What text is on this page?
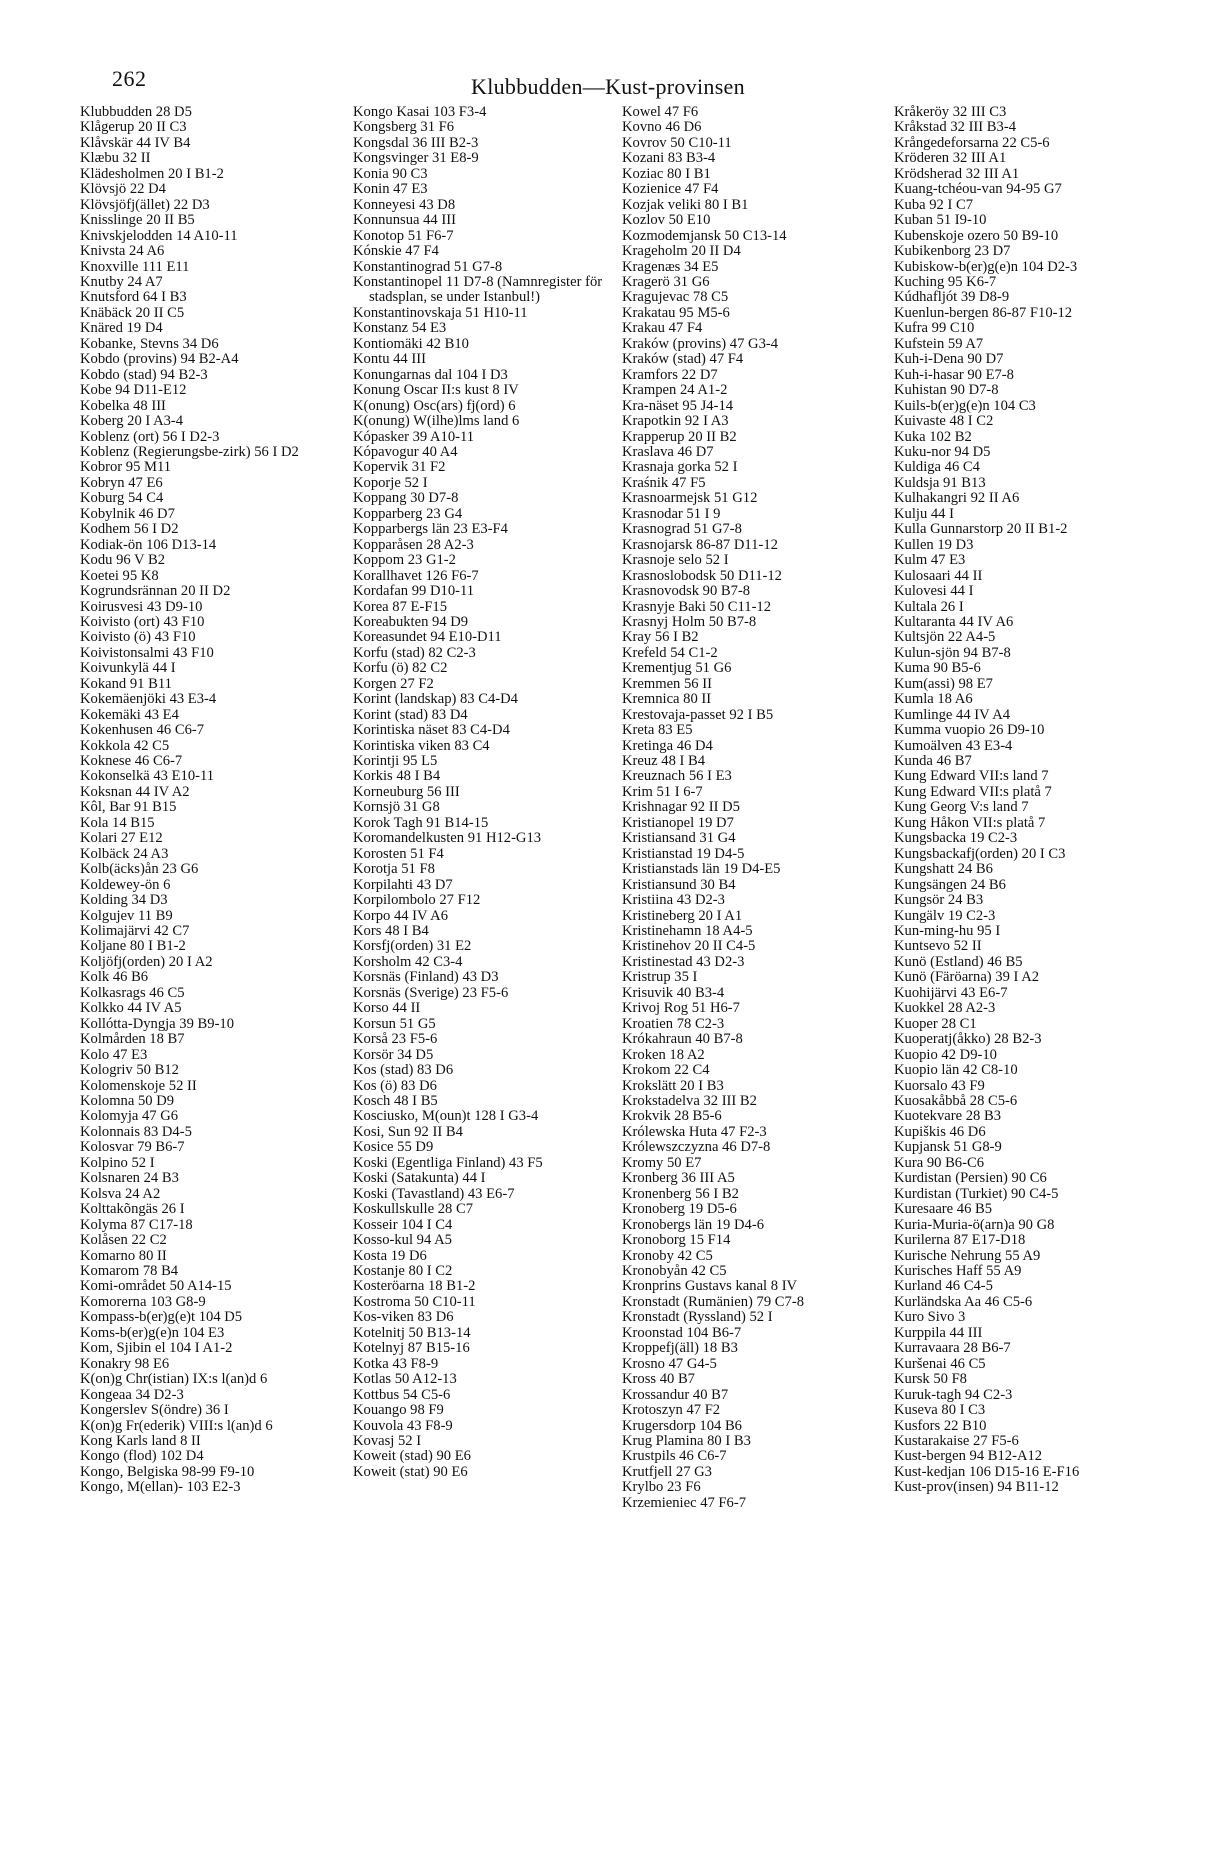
262	Klubbudden—Kust-provinsen
Klubbudden 28 D5
Klågerup 20 II C3
Klåvskär 44 IV B4
Klæbu 32 II
Klädesholmen 20 I B1-2
Klövsjö 22 D4
Klövsjöfj(ället) 22 D3
Knisslinge 20 II B5
Knivskjelodden 14 A10-11
Knivsta 24 A6
Knoxville 111 E11
Knutby 24 A7
Knutsford 64 I B3
Knäbäck 20 II C5
Knäred 19 D4
Kobanke, Stevns 34 D6
Kobdo (provins) 94 B2-A4
Kobdo (stad) 94 B2-3
Kobe 94 D11-E12
Kobelka 48 III
Koberg 20 I A3-4
Koblenz (ort) 56 I D2-3
Koblenz (Regierungsbe-zirk) 56 I D2
Kobror 95 M11
Kobryn 47 E6
Koburg 54 C4
Kobylnik 46 D7
Kodhem 56 I D2
Kodiak-ön 106 D13-14
Kodu 96 V B2
Koetei 95 K8
Kogrundsrännan 20 II D2
Koirusvesi 43 D9-10
Koivisto (ort) 43 F10
Koivisto (ö) 43 F10
Koivistonsalmi 43 F10
Koivunkylä 44 I
Kokand 91 B11
Kokemäenjöki 43 E3-4
Kokemäki 43 E4
Kokenhusen 46 C6-7
Kokkola 42 C5
Koknese 46 C6-7
Kokonselkä 43 E10-11
Koksnan 44 IV A2
Kôl, Bar 91 B15
Kola 14 B15
Kolari 27 E12
Kolbäck 24 A3
Kolb(äcks)ån 23 G6
Koldewey-ön 6
Kolding 34 D3
Kolgujev 11 B9
Kolimajärvi 42 C7
Koljane 80 I B1-2
Koljöfj(orden) 20 I A2
Kolk 46 B6
Kolkasrags 46 C5
Kolkko 44 IV A5
Kollótta-Dyngja 39 B9-10
Kolmården 18 B7
Kolo 47 E3
Kologriv 50 B12
Kolomenskoje 52 II
Kolomna 50 D9
Kolomyja 47 G6
Kolonnais 83 D4-5
Kolosvar 79 B6-7
Kolpino 52 I
Kolsnaren 24 B3
Kolsva 24 A2
Kolttakõngäs 26 I
Kolyma 87 C17-18
Kolåsen 22 C2
Komarno 80 II
Komarom 78 B4
Komi-området 50 A14-15
Komorerna 103 G8-9
Kompass-b(er)g(e)t 104 D5
Koms-b(er)g(e)n 104 E3
Kom, Sjibin el 104 I A1-2
Konakry 98 E6
K(on)g Chr(istian) IX:s l(an)d 6
Kongeaa 34 D2-3
Kongerslev S(öndre) 36 I
K(on)g Fr(ederik) VIII:s l(an)d 6
Kong Karls land 8 II
Kongo (flod) 102 D4
Kongo, Belgiska 98-99 F9-10
Kongo, M(ellan)- 103 E2-3
Kongo Kasai 103 F3-4
Kongsberg 31 F6
Kongsdal 36 III B2-3
Kongsvinger 31 E8-9
Konia 90 C3
Konin 47 E3
Konneyesi 43 D8
Konnunsua 44 III
Konotop 51 F6-7
Kónskie 47 F4
Konstantinograd 51 G7-8
Konstantinopel 11 D7-8 (Namnregister för stadsplan, se under Istanbul!)
Konstantinovskaja 51 H10-11
Konstanz 54 E3
Kontiomäki 42 B10
Kontu 44 III
Konungarnas dal 104 I D3
Konung Oscar II:s kust 8 IV
K(onung) Osc(ars) fj(ord) 6
K(onung) W(ilhe)lms land 6
Kópasker 39 A10-11
Kópavogur 40 A4
Kopervik 31 F2
Koporje 52 I
Koppang 30 D7-8
Kopparberg 23 G4
Kopparbergs län 23 E3-F4
Kopparåsen 28 A2-3
Koppom 23 G1-2
Korallhavet 126 F6-7
Kordafan 99 D10-11
Korea 87 E-F15
Koreabukten 94 D9
Koreasundet 94 E10-D11
Korfu (stad) 82 C2-3
Korfu (ö) 82 C2
Korgen 27 F2
Korint (landskap) 83 C4-D4
Korint (stad) 83 D4
Korintiska näset 83 C4-D4
Korintiska viken 83 C4
Korintji 95 L5
Korkis 48 I B4
Korneuburg 56 III
Kornsjö 31 G8
Korok Tagh 91 B14-15
Koromandelkusten 91 H12-G13
Korosten 51 F4
Korotja 51 F8
Korpilahti 43 D7
Korpilombolo 27 F12
Korpo 44 IV A6
Kors 48 I B4
Korsfj(orden) 31 E2
Korsholm 42 C3-4
Korsnäs (Finland) 43 D3
Korsnäs (Sverige) 23 F5-6
Korso 44 II
Korsun 51 G5
Korså 23 F5-6
Korsör 34 D5
Kos (stad) 83 D6
Kos (ö) 83 D6
Kosch 48 I B5
Kosciusko, M(oun)t 128 I G3-4
Kosi, Sun 92 II B4
Kosice 55 D9
Koski (Egentliga Finland) 43 F5
Koski (Satakunta) 44 I
Koski (Tavastland) 43 E6-7
Koskullskulle 28 C7
Kosseir 104 I C4
Kosso-kul 94 A5
Kosta 19 D6
Kostanje 80 I C2
Kosteröarna 18 B1-2
Kostroma 50 C10-11
Kos-viken 83 D6
Kotelnitj 50 B13-14
Kotelnyj 87 B15-16
Kotka 43 F8-9
Kotlas 50 A12-13
Kottbus 54 C5-6
Kouango 98 F9
Kouvola 43 F8-9
Kovasj 52 I
Koweit (stad) 90 E6
Koweit (stat) 90 E6
Kowel 47 F6
Kovno 46 D6
Kovrov 50 C10-11
Kozani 83 B3-4
Koziac 80 I B1
Kozienice 47 F4
Kozjak veliki 80 I B1
Kozlov 50 E10
Kozmodemjansk 50 C13-14
Krageholm 20 II D4
Kragenæs 34 E5
Kragerö 31 G6
Kragujevac 78 C5
Krakatau 95 M5-6
Krakau 47 F4
Kraków (provins) 47 G3-4
Kraków (stad) 47 F4
Kramfors 22 D7
Krampen 24 A1-2
Kra-näset 95 J4-14
Krapotkin 92 I A3
Krapperup 20 II B2
Kraslava 46 D7
Krasnaja gorka 52 I
Kraśnik 47 F5
Krasnoarmejsk 51 G12
Krasnodar 51 I 9
Krasnograd 51 G7-8
Krasnojarsk 86-87 D11-12
Krasnoje selo 52 I
Krasnoslobodsk 50 D11-12
Krasnovodsk 90 B7-8
Krasnyje Baki 50 C11-12
Krasnyj Holm 50 B7-8
Kray 56 I B2
Krefeld 54 C1-2
Krementjug 51 G6
Kremmen 56 II
Kremnica 80 II
Krestovaja-passet 92 I B5
Kreta 83 E5
Kretinga 46 D4
Kreuz 48 I B4
Kreuznach 56 I E3
Krim 51 I 6-7
Krishnagar 92 II D5
Kristianopel 19 D7
Kristiansand 31 G4
Kristianstad 19 D4-5
Kristianstads län 19 D4-E5
Kristiansund 30 B4
Kristiina 43 D2-3
Kristineberg 20 I A1
Kristinehamn 18 A4-5
Kristinehov 20 II C4-5
Kristinestad 43 D2-3
Kristrup 35 I
Krisuvik 40 B3-4
Krivoj Rog 51 H6-7
Kroatien 78 C2-3
Krókahraun 40 B7-8
Kroken 18 A2
Krokom 22 C4
Krokslätt 20 I B3
Krokstadelva 32 III B2
Krokvik 28 B5-6
Królewska Huta 47 F2-3
Królewszczyzna 46 D7-8
Kromy 50 E7
Kronberg 36 III A5
Kronenberg 56 I B2
Kronoberg 19 D5-6
Kronobergs län 19 D4-6
Kronoborg 15 F14
Kronoby 42 C5
Kronobyån 42 C5
Kronprins Gustavs kanal 8 IV
Kronstadt (Rumänien) 79 C7-8
Kronstadt (Ryssland) 52 I
Kroonstad 104 B6-7
Kroppefj(äll) 18 B3
Krosno 47 G4-5
Kross 40 B7
Krossandur 40 B7
Krotoszyn 47 F2
Krugersdorp 104 B6
Krug Plamina 80 I B3
Krustpils 46 C6-7
Krutfjell 27 G3
Krylbo 23 F6
Krzemieniec 47 F6-7
Kråkeröy 32 III C3
Kråkstad 32 III B3-4
Krångedeforsarna 22 C5-6
Kröderen 32 III A1
Krödsherad 32 III A1
Kuang-tchéou-van 94-95 G7
Kuba 92 I C7
Kuban 51 I9-10
Kubenskoje ozero 50 B9-10
Kubikenborg 23 D7
Kubiskow-b(er)g(e)n 104 D2-3
Kuching 95 K6-7
Kúdhafljót 39 D8-9
Kuenlun-bergen 86-87 F10-12
Kufra 99 C10
Kufstein 59 A7
Kuh-i-Dena 90 D7
Kuh-i-hasar 90 E7-8
Kuhistan 90 D7-8
Kuils-b(er)g(e)n 104 C3
Kuivaste 48 I C2
Kuka 102 B2
Kuku-nor 94 D5
Kuldiga 46 C4
Kuldsja 91 B13
Kulhakangri 92 II A6
Kulju 44 I
Kulla Gunnarstorp 20 II B1-2
Kullen 19 D3
Kulm 47 E3
Kulosaari 44 II
Kulovesi 44 I
Kultala 26 I
Kultaranta 44 IV A6
Kultsjön 22 A4-5
Kulun-sjön 94 B7-8
Kuma 90 B5-6
Kum(assi) 98 E7
Kumla 18 A6
Kumlinge 44 IV A4
Kumma vuopio 26 D9-10
Kumoälven 43 E3-4
Kunda 46 B7
Kung Edward VII:s land 7
Kung Edward VII:s platå 7
Kung Georg V:s land 7
Kung Håkon VII:s platå 7
Kungsbacka 19 C2-3
Kungsbackafj(orden) 20 I C3
Kungshatt 24 B6
Kungsängen 24 B6
Kungsör 24 B3
Kungälv 19 C2-3
Kun-ming-hu 95 I
Kuntsevo 52 II
Kunö (Estland) 46 B5
Kunö (Färöarna) 39 I A2
Kuohijärvi 43 E6-7
Kuokkel 28 A2-3
Kuoper 28 C1
Kuoperatj(åkko) 28 B2-3
Kuopio 42 D9-10
Kuopio län 42 C8-10
Kuorsalo 43 F9
Kuosakåbbå 28 C5-6
Kuotekvare 28 B3
Kupiškis 46 D6
Kupjansk 51 G8-9
Kura 90 B6-C6
Kurdistan (Persien) 90 C6
Kurdistan (Turkiet) 90 C4-5
Kuresaare 46 B5
Kuria-Muria-ö(arn)a 90 G8
Kurilerna 87 E17-D18
Kurische Nehrung 55 A9
Kurisches Haff 55 A9
Kurland 46 C4-5
Kurländska Aa 46 C5-6
Kuro Sivo 3
Kurppila 44 III
Kurravaara 28 B6-7
Kuršenai 46 C5
Kursk 50 F8
Kuruk-tagh 94 C2-3
Kuseva 80 I C3
Kusfors 22 B10
Kustarakaise 27 F5-6
Kust-bergen 94 B12-A12
Kust-kedjan 106 D15-16 E-F16
Kust-prov(insen) 94 B11-12
